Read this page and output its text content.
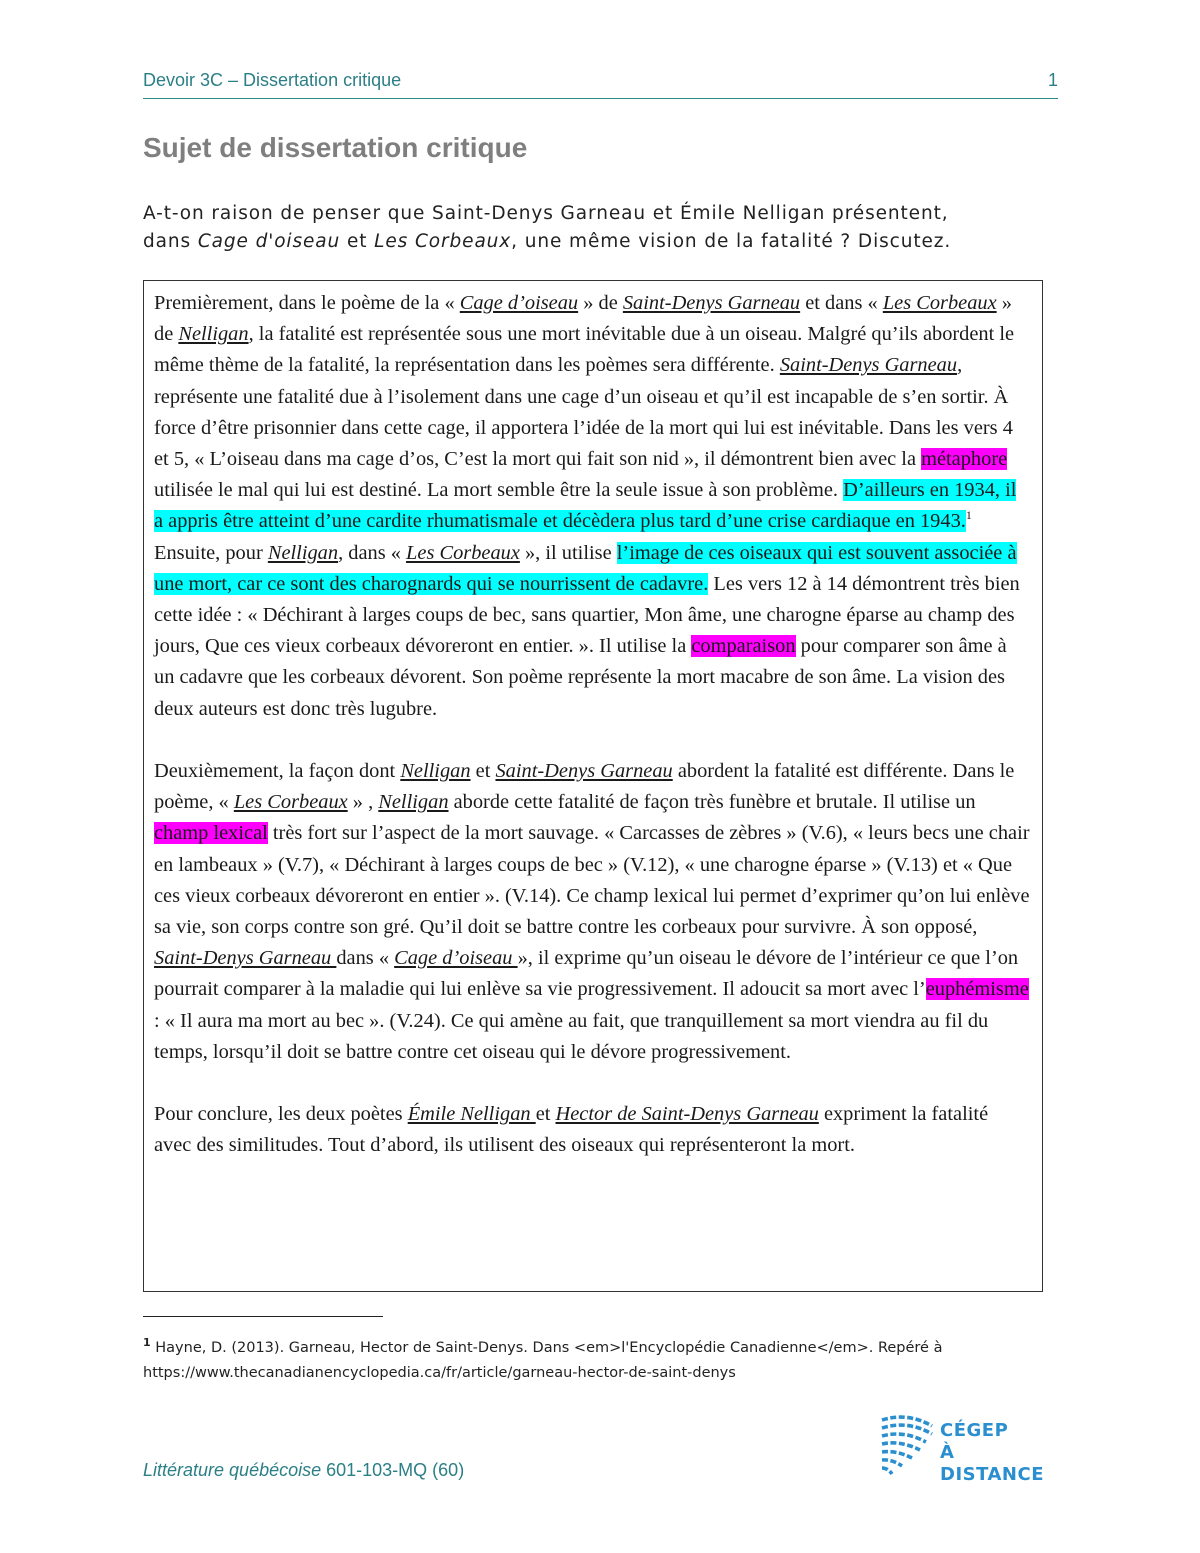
Devoir 3C – Dissertation critique	1
Sujet de dissertation critique
A-t-on raison de penser que Saint-Denys Garneau et Émile Nelligan présentent,
dans Cage d'oiseau et Les Corbeaux, une même vision de la fatalité ? Discutez.

Premièrement, dans le poème de la « Cage d’oiseau » de Saint-Denys Garneau et dans « Les Corbeaux » de Nelligan, la fatalité est représentée sous une mort inévitable due à un oiseau. Malgré qu’ils abordent le même thème de la fatalité, la représentation dans les poèmes sera différente. Saint-Denys Garneau, représente une fatalité due à l’isolement dans une cage d’un oiseau et qu’il est incapable de s’en sortir. À force d’être prisonnier dans cette cage, il apportera l’idée de la mort qui lui est inévitable. Dans les vers 4 et 5, « L’oiseau dans ma cage d’os, C’est la mort qui fait son nid », il démontrent bien avec la métaphore utilisée le mal qui lui est destiné. La mort semble être la seule issue à son problème. D’ailleurs en 1934, il a appris être atteint d’une cardite rhumatismale et décèdera plus tard d’une crise cardiaque en 1943.$^1$ Ensuite, pour Nelligan, dans « Les Corbeaux », il utilise l’image de ces oiseaux qui est souvent associée à une mort, car ce sont des charognards qui se nourrissent de cadavre. Les vers 12 à 14 démontrent très bien cette idée : « Déchirant à larges coups de bec, sans quartier, Mon âme, une charogne éparse au champ des jours, Que ces vieux corbeaux dévoreront en entier. ». Il utilise la comparaison pour comparer son âme à un cadavre que les corbeaux dévorent. Son poème représente la mort macabre de son âme. La vision des deux auteurs est donc très lugubre.

Deuxièmement, la façon dont Nelligan et Saint-Denys Garneau abordent la fatalité est différente. Dans le poème, « Les Corbeaux » , Nelligan aborde cette fatalité de façon très funèbre et brutale. Il utilise un champ lexical très fort sur l’aspect de la mort sauvage. « Carcasses de zèbres » (V.6), « leurs becs une chair en lambeaux » (V.7), « Déchirant à larges coups de bec » (V.12), « une charogne éparse » (V.13) et « Que ces vieux corbeaux dévoreront en entier ». (V.14). Ce champ lexical lui permet d’exprimer qu’on lui enlève sa vie, son corps contre son gré. Qu’il doit se battre contre les corbeaux pour survivre. À son opposé, Saint-Denys Garneau dans « Cage d’oiseau », il exprime qu’un oiseau le dévore de l’intérieur ce que l’on pourrait comparer à la maladie qui lui enlève sa vie progressivement. Il adoucit sa mort avec l’euphémisme : « Il aura ma mort au bec ». (V.24). Ce qui amène au fait, que tranquillement sa mort viendra au fil du temps, lorsqu’il doit se battre contre cet oiseau qui le dévore progressivement.

Pour conclure, les deux poètes Émile Nelligan et Hector de Saint-Denys Garneau expriment la fatalité avec des similitudes. Tout d’abord, ils utilisent des oiseaux qui représenteront la mort.

$^1$ Hayne, D. (2013). Garneau, Hector de Saint-Denys. Dans <em>l'Encyclopédie Canadienne</em>. Repéré à
https://www.thecanadianencyclopedia.ca/fr/article/garneau-hector-de-saint-denys
Littérature québécoise 601-103-MQ (60)
CÉGEP
À DISTANCE
